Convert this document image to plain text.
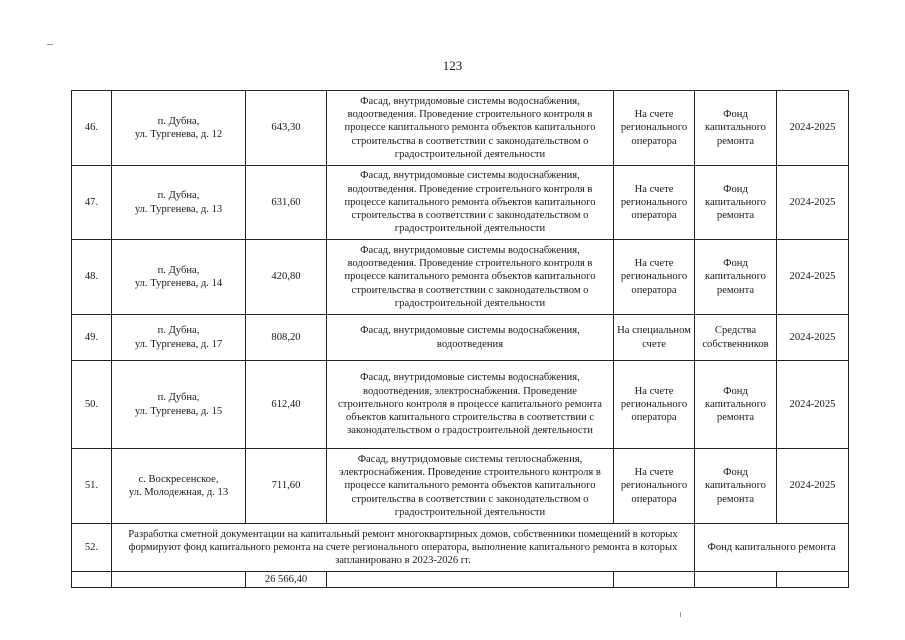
123
46.	п. Дубна,
ул. Тургенева, д. 12	643,30	Фасад, внутридомовые системы водоснабжения, водоотведения. Проведение строительного контроля в процессе капитального ремонта объектов капитального строительства в соответствии с законодательством о градостроительной деятельности	На счете регионального оператора	Фонд капитального ремонта	2024-2025
47.	п. Дубна,
ул. Тургенева, д. 13	631,60	Фасад, внутридомовые системы водоснабжения, водоотведения. Проведение строительного контроля в процессе капитального ремонта объектов капитального строительства в соответствии с законодательством о градостроительной деятельности	На счете регионального оператора	Фонд капитального ремонта	2024-2025
48.	п. Дубна,
ул. Тургенева, д. 14	420,80	Фасад, внутридомовые системы водоснабжения, водоотведения. Проведение строительного контроля в процессе капитального ремонта объектов капитального строительства в соответствии с законодательством о градостроительной деятельности	На счете регионального оператора	Фонд капитального ремонта	2024-2025
49.	п. Дубна,
ул. Тургенева, д. 17	808,20	Фасад, внутридомовые системы водоснабжения, водоотведения	На специальном счете	Средства собственников	2024-2025
50.	п. Дубна,
ул. Тургенева, д. 15	612,40	Фасад, внутридомовые системы водоснабжения, водоотведения, электроснабжения. Проведение строительного контроля в процессе капитального ремонта объектов капитального строительства в соответствии с законодательством о градостроительной деятельности	На счете регионального оператора	Фонд капитального ремонта	2024-2025
51.	с. Воскресенское,
ул. Молодежная, д. 13	711,60	Фасад, внутридомовые системы теплоснабжения, электроснабжения. Проведение строительного контроля в процессе капитального ремонта объектов капитального строительства в соответствии с законодательством о градостроительной деятельности	На счете регионального оператора	Фонд капитального ремонта	2024-2025
52.	Разработка сметной документации на капитальный ремонт многоквартирных домов, собственники помещений в которых формируют фонд капитального ремонта на счете регионального оператора, выполнение капитального ремонта в которых запланировано в 2023-2026 гг.				Фонд капитального ремонта	
		26 566,40				
